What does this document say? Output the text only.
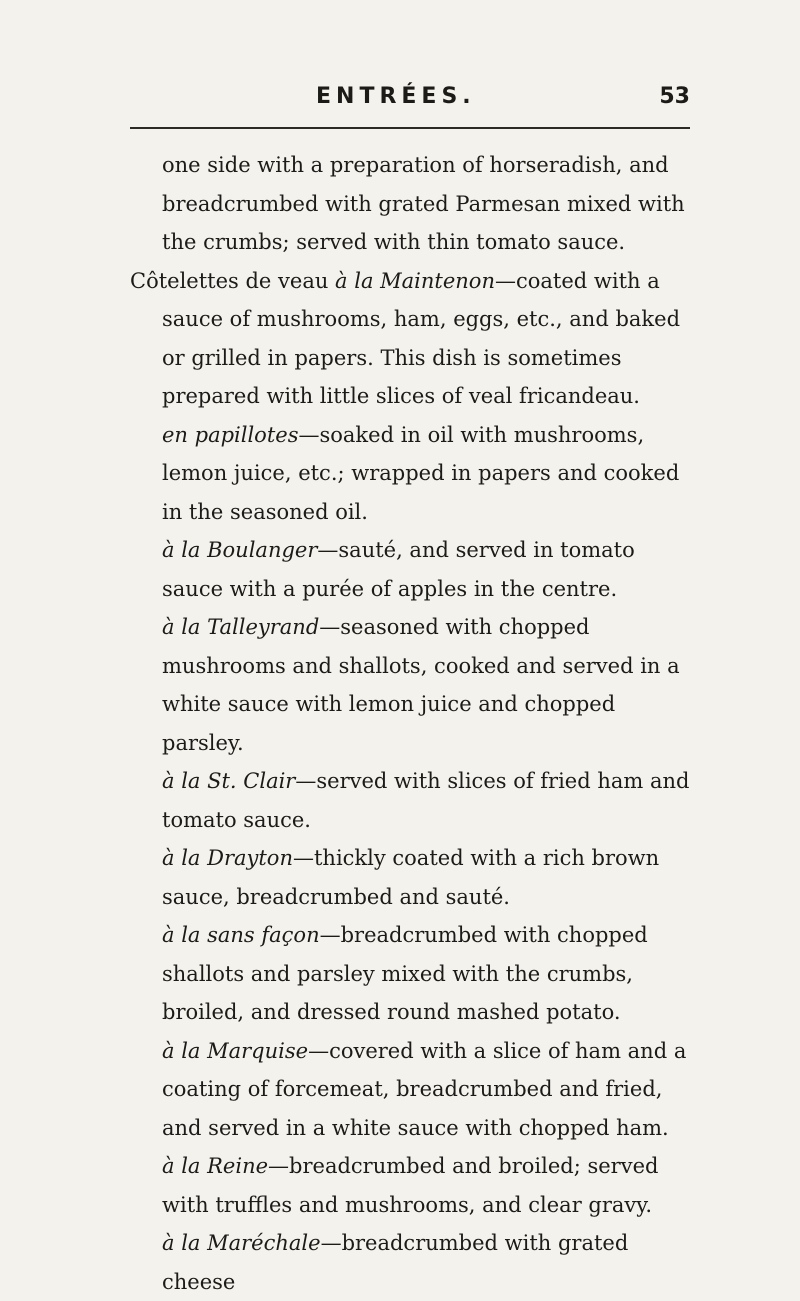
ENTRÉES.	53

one side with a preparation of horseradish, and breadcrumbed with grated Parmesan mixed with the crumbs; served with thin tomato sauce.

Côtelettes de veau à la Maintenon—coated with a sauce of mushrooms, ham, eggs, etc., and baked or grilled in papers. This dish is sometimes prepared with little slices of veal fricandeau.

en papillotes—soaked in oil with mushrooms, lemon juice, etc.; wrapped in papers and cooked in the seasoned oil.

à la Boulanger—sauté, and served in tomato sauce with a purée of apples in the centre.

à la Talleyrand—seasoned with chopped mushrooms and shallots, cooked and served in a white sauce with lemon juice and chopped parsley.

à la St. Clair—served with slices of fried ham and tomato sauce.

à la Drayton—thickly coated with a rich brown sauce, breadcrumbed and sauté.

à la sans façon—breadcrumbed with chopped shallots and parsley mixed with the crumbs, broiled, and dressed round mashed potato.

à la Marquise—covered with a slice of ham and a coating of forcemeat, breadcrumbed and fried, and served in a white sauce with chopped ham.

à la Reine—breadcrumbed and broiled; served with truffles and mushrooms, and clear gravy.

à la Maréchale—breadcrumbed with grated cheese
